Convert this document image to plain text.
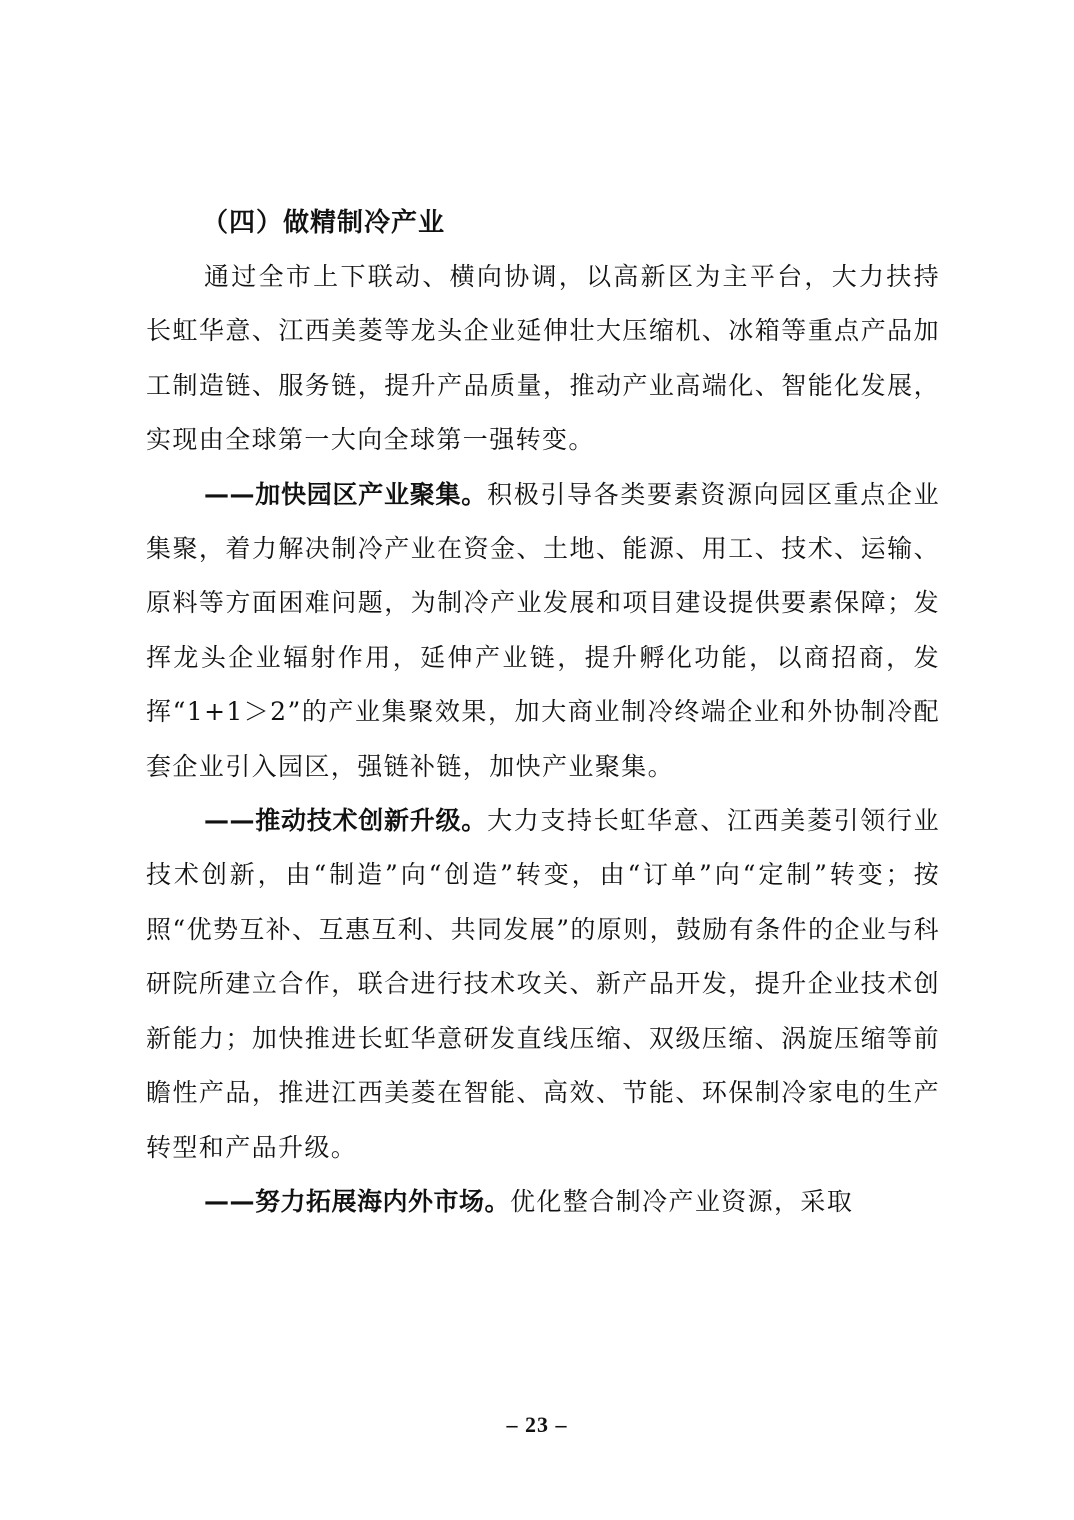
（四）做精制冷产业

通过全市上下联动、横向协调，以高新区为主平台，大力扶持长虹华意、江西美菱等龙头企业延伸壮大压缩机、冰箱等重点产品加工制造链、服务链，提升产品质量，推动产业高端化、智能化发展，实现由全球第一大向全球第一强转变。

——加快园区产业聚集。积极引导各类要素资源向园区重点企业集聚，着力解决制冷产业在资金、土地、能源、用工、技术、运输、原料等方面困难问题，为制冷产业发展和项目建设提供要素保障；发挥龙头企业辐射作用，延伸产业链，提升孵化功能，以商招商，发挥“1+1＞2”的产业集聚效果，加大商业制冷终端企业和外协制冷配套企业引入园区，强链补链，加快产业聚集。

——推动技术创新升级。大力支持长虹华意、江西美菱引领行业技术创新，由“制造”向“创造”转变，由“订单”向“定制”转变；按照“优势互补、互惠互利、共同发展”的原则，鼓励有条件的企业与科研院所建立合作，联合进行技术攻关、新产品开发，提升企业技术创新能力；加快推进长虹华意研发直线压缩、双级压缩、涡旋压缩等前瞻性产品，推进江西美菱在智能、高效、节能、环保制冷家电的生产转型和产品升级。

——努力拓展海内外市场。优化整合制冷产业资源，采取

– 23 –
